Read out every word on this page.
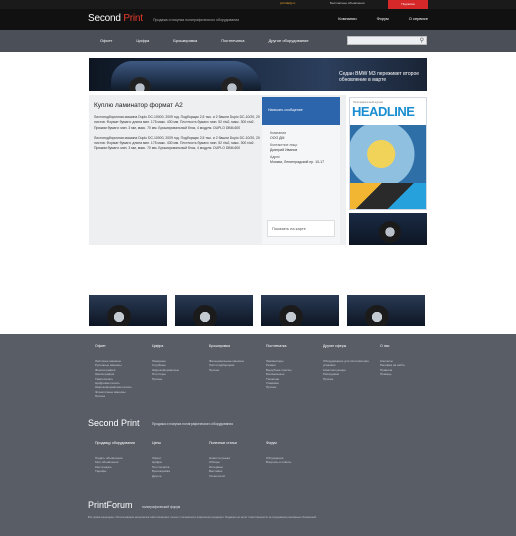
printdaily.ru	Бесплатные объявления	Подписка
Second Print	Продажа и покупка полиграфического оборудования	Компании	Форум	О сервисе
Офсет	Цифра	Брошюровка	Постпечатка	Другое оборудование	⚲
Седан BMW M3 переживет второе обновление в марте
Куплю ламинатор формат А2

Листоподборочная машина Duplo DC-10000, 2009 год. Подборщик 2,5 тыс. и 2 башни Duplo DC-10/20, 20 листов. Формат бумаги: длина мин. 175 макс. 430 мм. Плотность бумаги: мин. 52 г/м2, макс. 300 г/м2. Прижим бумаги: мин. 3 мм, макс. 70 мм. Брошюровальный блок, 4 модуля. DUPLO DBM-600

Листоподборочная машина Duplo DC-10000, 2009 год. Подборщик 2,5 тыс. и 2 башни Duplo DC-10/20, 20 листов. Формат бумаги: длина мин. 175 макс. 430 мм. Плотность бумаги: мин. 52 г/м2, макс. 300 г/м2. Прижим бумаги: мин. 3 мм, макс. 70 мм. Брошюровальный блок, 4 модуля. DUPLO DBM-600

Написать сообщение
Компания
ООО ДМ
Контактное лицо
Дмитрий Иванов
Адрес
Москва, Ленинградский пр. 10-17
Показать на карте
Полиграфический журнал
HEADLINE
Офсет
Листовые машины
Рулонные машины
Флексография
Шелкография
Тампопечать
Цифровая печать
Широкоформатная печать
Этикеточные машины
Прочее
Цифра
Лазерные
Струйные
Широкоформатные
Плоттеры
Прочее
Брошюровка
Фальцевальные машины
Листоподборщики
Прочее
Постпечатка
Ламинаторы
Резаки
Вырубные прессы
Биговальные
Тиснение
Упаковка
Прочее
Другие сферы
Оборудование для изготовления упаковки
Комплектующие
Расходники
Прочее
О нас
Контакты
Реклама на сайте
Правила
Помощь
Second Print	Продажа и покупка полиграфического оборудования
Продавцу оборудования
Подать объявление
Мои объявления
Как продать
Тарифы
Цены
Офсет
Цифра
Постпечатка
Брошюровка
Другое
Полезные статьи
Новости рынка
Обзоры
Интервью
Выставки
Технологии
Форум
Обсуждения
Вопросы и ответы
PrintForum	полиграфический форум
Все права защищены. Использование материалов сайта возможно только с письменного разрешения редакции. Редакция не несет ответственности за содержание рекламных объявлений.
